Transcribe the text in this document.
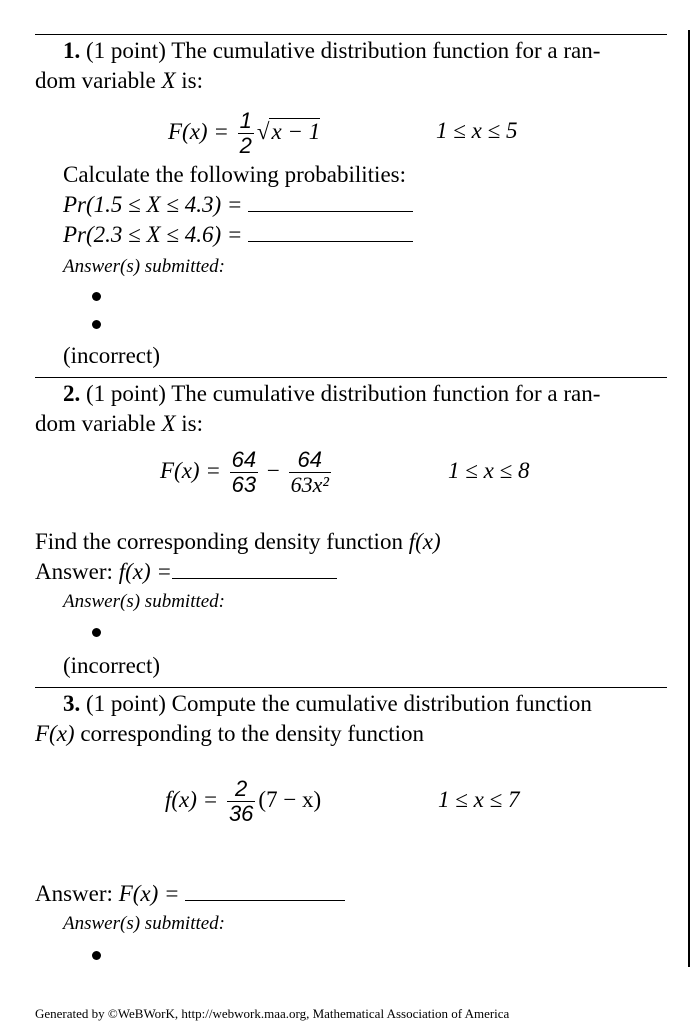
1. (1 point) The cumulative distribution function for a ran-
dom variable X is:
$F(x) = \frac{1}{2} √x - 1$	1 ≤ x ≤ 5
Calculate the following probabilities:
Pr(1.5 ≤ X ≤ 4.3) =
Pr(2.3 ≤ X ≤ 4.6) =
Answer(s) submitted:
(incorrect)
2. (1 point) The cumulative distribution function for a ran-
dom variable X is:
$F(x) = \frac{64}{63} - \frac{64}{\text{63x²}}$	1 ≤ x ≤ 8
Find the corresponding density function f(x)
Answer: f(x) =
Answer(s) submitted:
(incorrect)
3. (1 point) Compute the cumulative distribution function
F(x) corresponding to the density function
$f(x) = \frac{2}{36} (7 - x)$	1 ≤ x ≤ 7
Answer: F(x) =
Answer(s) submitted:
Generated by ©WeBWorK, http://webwork.maa.org, Mathematical Association of America
